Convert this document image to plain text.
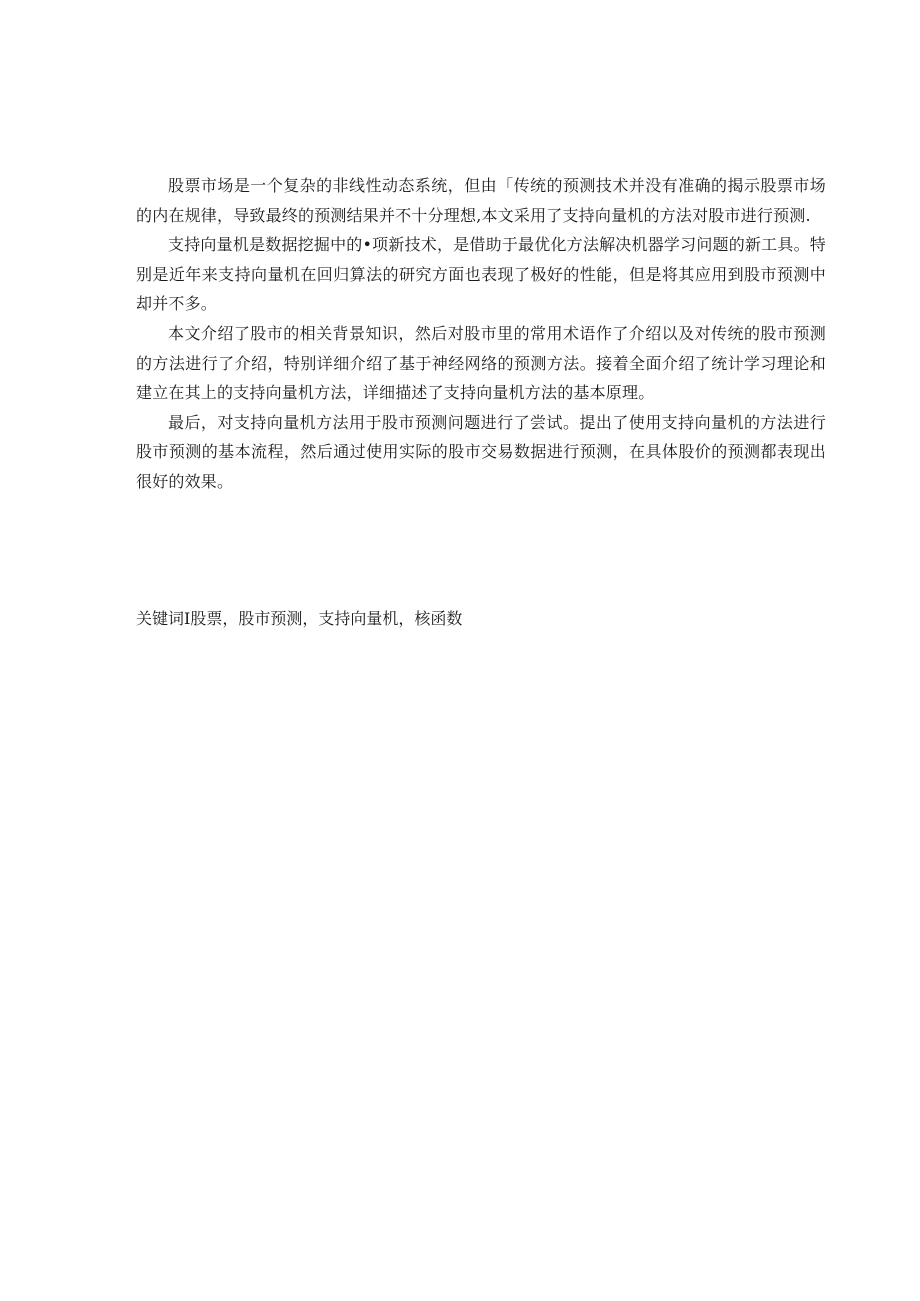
股票市场是一个复杂的非线性动态系统，但由「传统的预测技术并没有准确的揭示股票市场的内在规律，导致最终的预测结果并不十分理想,本文采用了支持向量机的方法对股市进行预测.

支持向量机是数据挖掘中的•项新技术，是借助于最优化方法解决机器学习问题的新工具。特别是近年来支持向量机在回归算法的研究方面也表现了极好的性能，但是将其应用到股市预测中却并不多。

本文介绍了股市的相关背景知识，然后对股市里的常用术语作了介绍以及对传统的股市预测的方法进行了介绍，特别详细介绍了基于神经网络的预测方法。接着全面介绍了统计学习理论和建立在其上的支持向量机方法，详细描述了支持向量机方法的基本原理。

最后，对支持向量机方法用于股市预测问题进行了尝试。提出了使用支持向量机的方法进行股市预测的基本流程，然后通过使用实际的股市交易数据进行预测，在具体股价的预测都表现出很好的效果。

关键词I股票，股市预测，支持向量机，核函数
